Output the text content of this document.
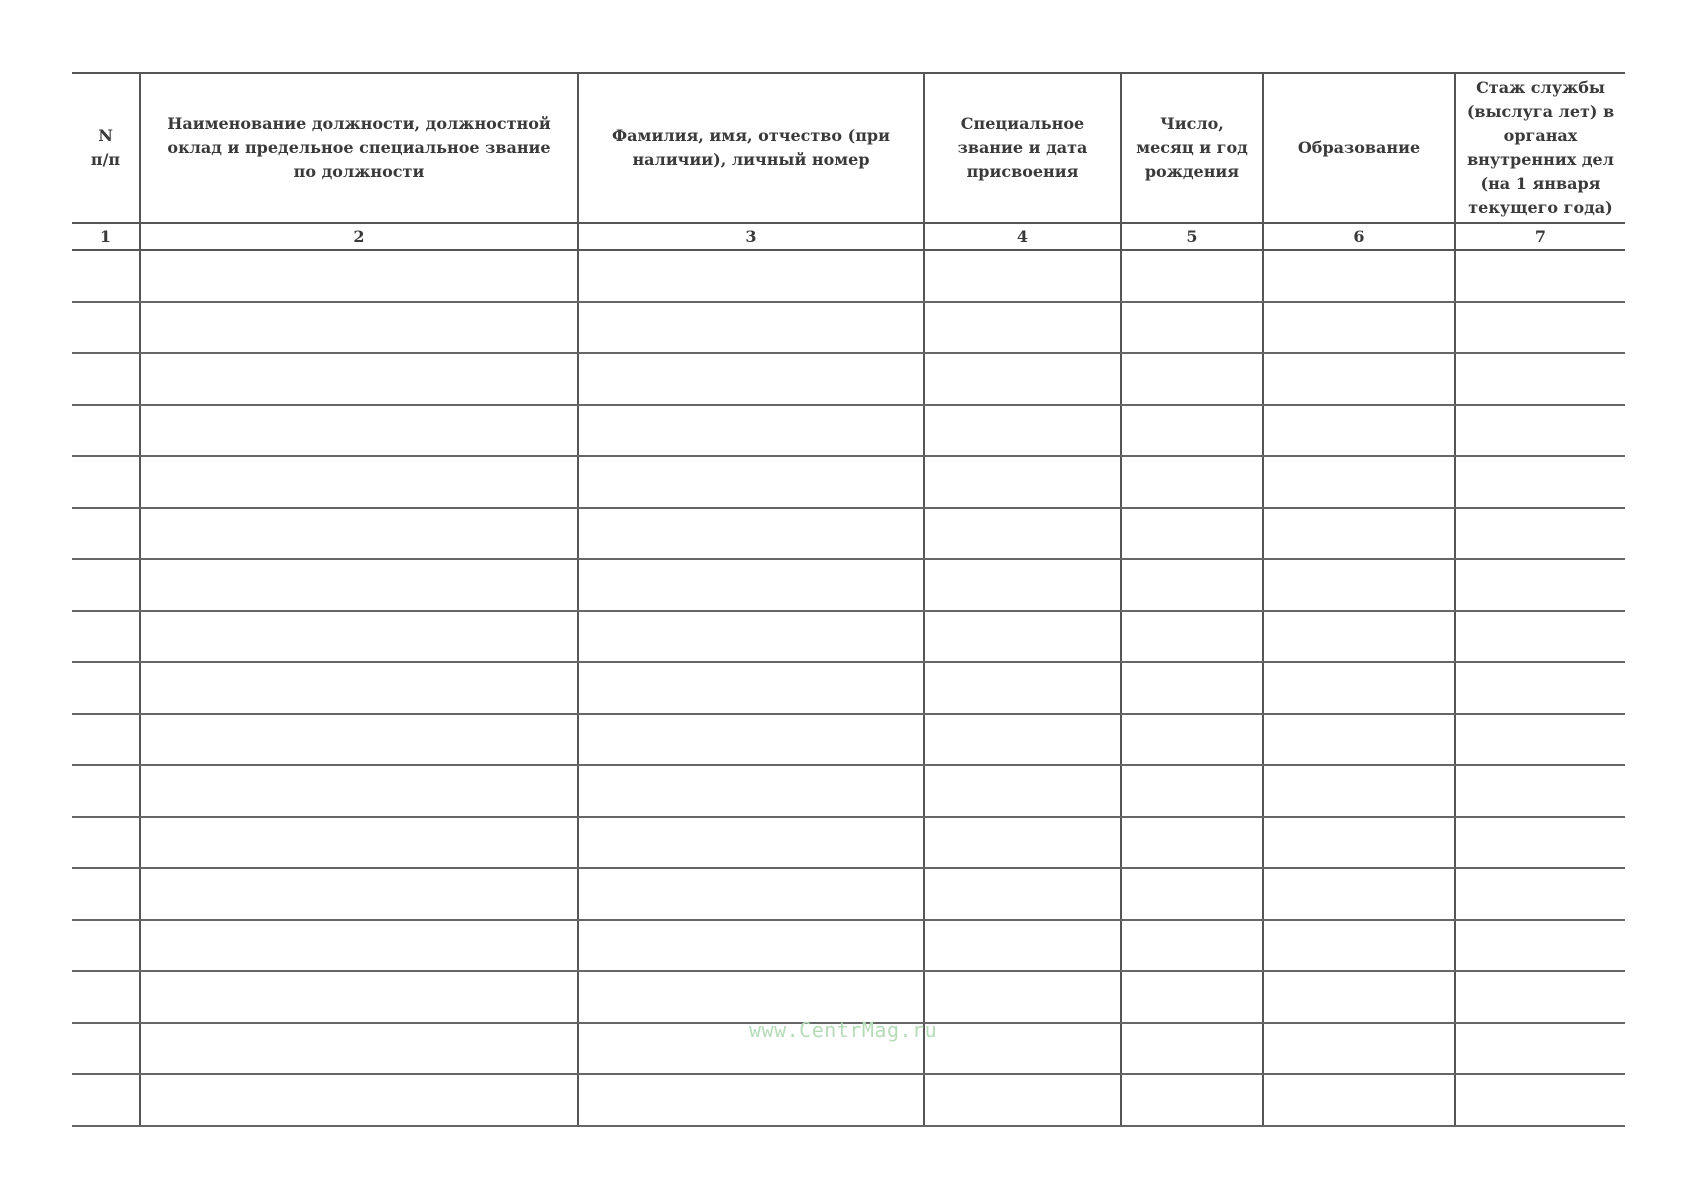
N п/п	Наименование должности, должностной оклад и предельное специальное звание по должности	Фамилия, имя, отчество (при наличии), личный номер	Специальное звание и дата присвоения	Число, месяц и год рождения	Образование	Стаж службы (выслуга лет) в органах внутренних дел (на 1 января текущего года)

1	2	3	4	5	6	7

www.CentrMag.ru
